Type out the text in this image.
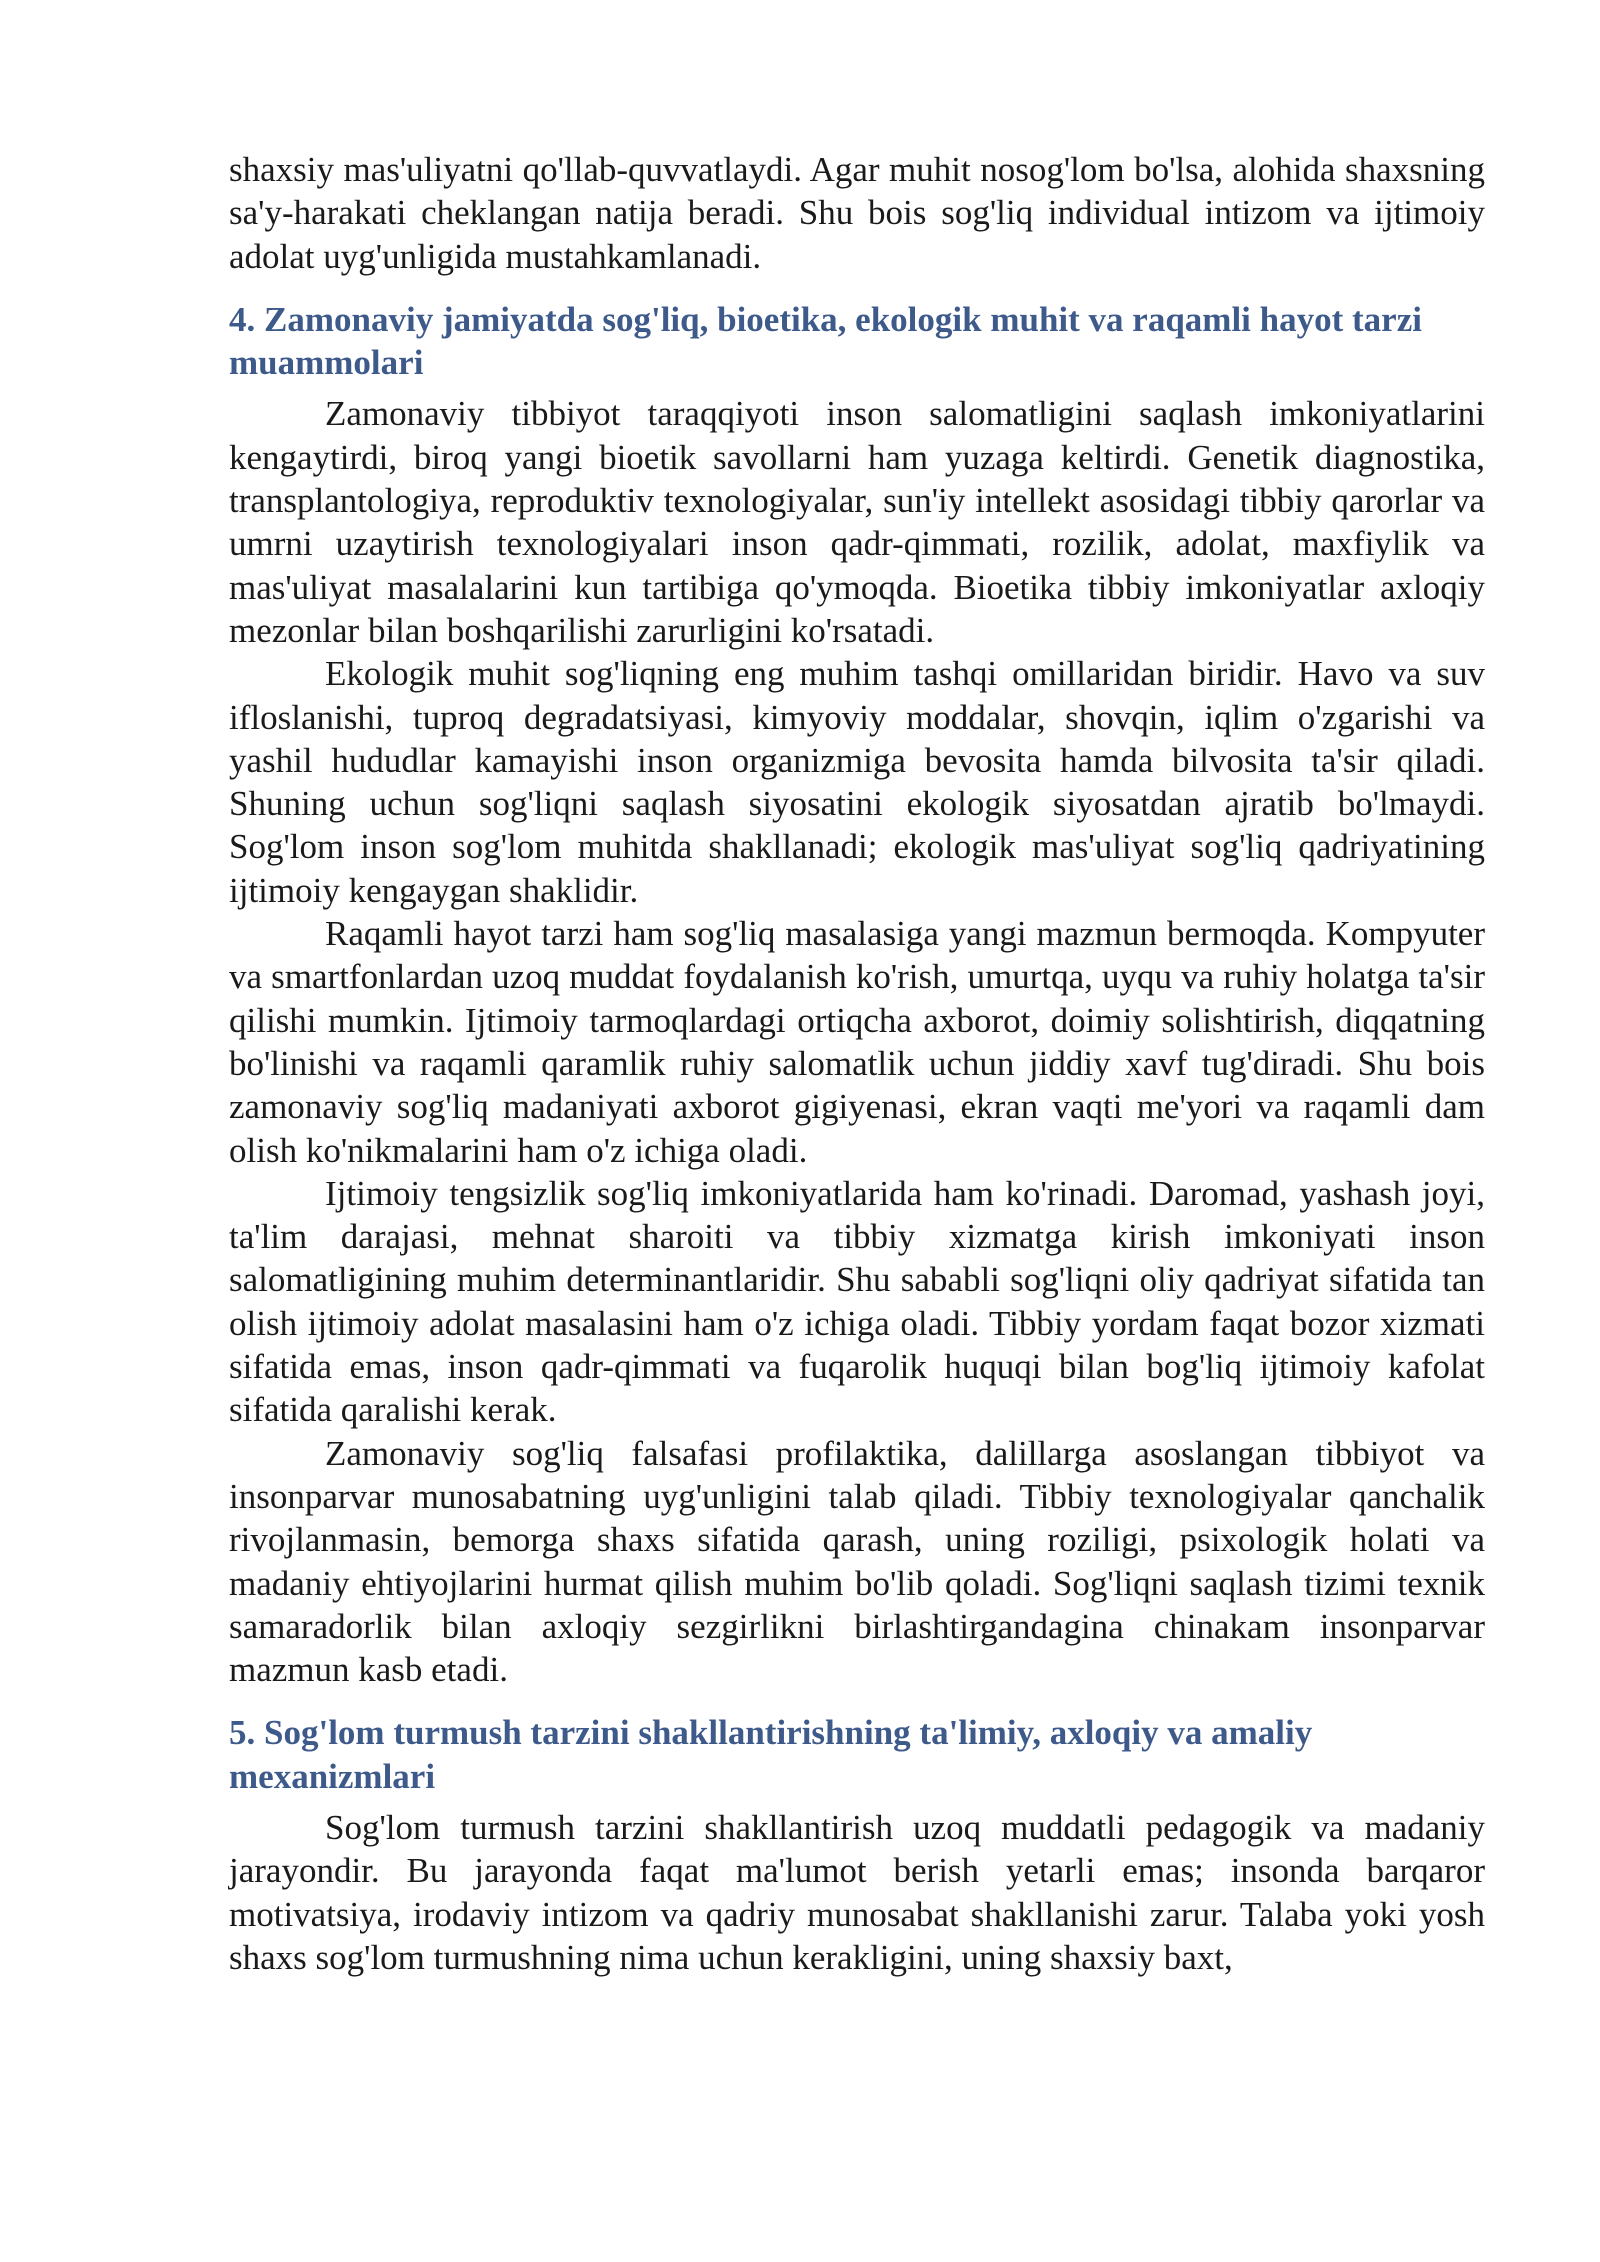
shaxsiy mas'uliyatni qo'llab-quvvatlaydi. Agar muhit nosog'lom bo'lsa, alohida shaxsning sa'y-harakati cheklangan natija beradi. Shu bois sog'liq individual intizom va ijtimoiy adolat uyg'unligida mustahkamlanadi.

4. Zamonaviy jamiyatda sog'liq, bioetika, ekologik muhit va raqamli hayot tarzi muammolari

Zamonaviy tibbiyot taraqqiyoti inson salomatligini saqlash imkoniyatlarini kengaytirdi, biroq yangi bioetik savollarni ham yuzaga keltirdi. Genetik diagnostika, transplantologiya, reproduktiv texnologiyalar, sun'iy intellekt asosidagi tibbiy qarorlar va umrni uzaytirish texnologiyalari inson qadr-qimmati, rozilik, adolat, maxfiylik va mas'uliyat masalalarini kun tartibiga qo'ymoqda. Bioetika tibbiy imkoniyatlar axloqiy mezonlar bilan boshqarilishi zarurligini ko'rsatadi.

Ekologik muhit sog'liqning eng muhim tashqi omillaridan biridir. Havo va suv ifloslanishi, tuproq degradatsiyasi, kimyoviy moddalar, shovqin, iqlim o'zgarishi va yashil hududlar kamayishi inson organizmiga bevosita hamda bilvosita ta'sir qiladi. Shuning uchun sog'liqni saqlash siyosatini ekologik siyosatdan ajratib bo'lmaydi. Sog'lom inson sog'lom muhitda shakllanadi; ekologik mas'uliyat sog'liq qadriyatining ijtimoiy kengaygan shaklidir.

Raqamli hayot tarzi ham sog'liq masalasiga yangi mazmun bermoqda. Kompyuter va smartfonlardan uzoq muddat foydalanish ko'rish, umurtqa, uyqu va ruhiy holatga ta'sir qilishi mumkin. Ijtimoiy tarmoqlardagi ortiqcha axborot, doimiy solishtirish, diqqatning bo'linishi va raqamli qaramlik ruhiy salomatlik uchun jiddiy xavf tug'diradi. Shu bois zamonaviy sog'liq madaniyati axborot gigiyenasi, ekran vaqti me'yori va raqamli dam olish ko'nikmalarini ham o'z ichiga oladi.

Ijtimoiy tengsizlik sog'liq imkoniyatlarida ham ko'rinadi. Daromad, yashash joyi, ta'lim darajasi, mehnat sharoiti va tibbiy xizmatga kirish imkoniyati inson salomatligining muhim determinantlaridir. Shu sababli sog'liqni oliy qadriyat sifatida tan olish ijtimoiy adolat masalasini ham o'z ichiga oladi. Tibbiy yordam faqat bozor xizmati sifatida emas, inson qadr-qimmati va fuqarolik huquqi bilan bog'liq ijtimoiy kafolat sifatida qaralishi kerak.

Zamonaviy sog'liq falsafasi profilaktika, dalillarga asoslangan tibbiyot va insonparvar munosabatning uyg'unligini talab qiladi. Tibbiy texnologiyalar qanchalik rivojlanmasin, bemorga shaxs sifatida qarash, uning roziligi, psixologik holati va madaniy ehtiyojlarini hurmat qilish muhim bo'lib qoladi. Sog'liqni saqlash tizimi texnik samaradorlik bilan axloqiy sezgirlikni birlashtirgandagina chinakam insonparvar mazmun kasb etadi.

5. Sog'lom turmush tarzini shakllantirishning ta'limiy, axloqiy va amaliy mexanizmlari

Sog'lom turmush tarzini shakllantirish uzoq muddatli pedagogik va madaniy jarayondir. Bu jarayonda faqat ma'lumot berish yetarli emas; insonda barqaror motivatsiya, irodaviy intizom va qadriy munosabat shakllanishi zarur. Talaba yoki yosh shaxs sog'lom turmushning nima uchun kerakligini, uning shaxsiy baxt,
